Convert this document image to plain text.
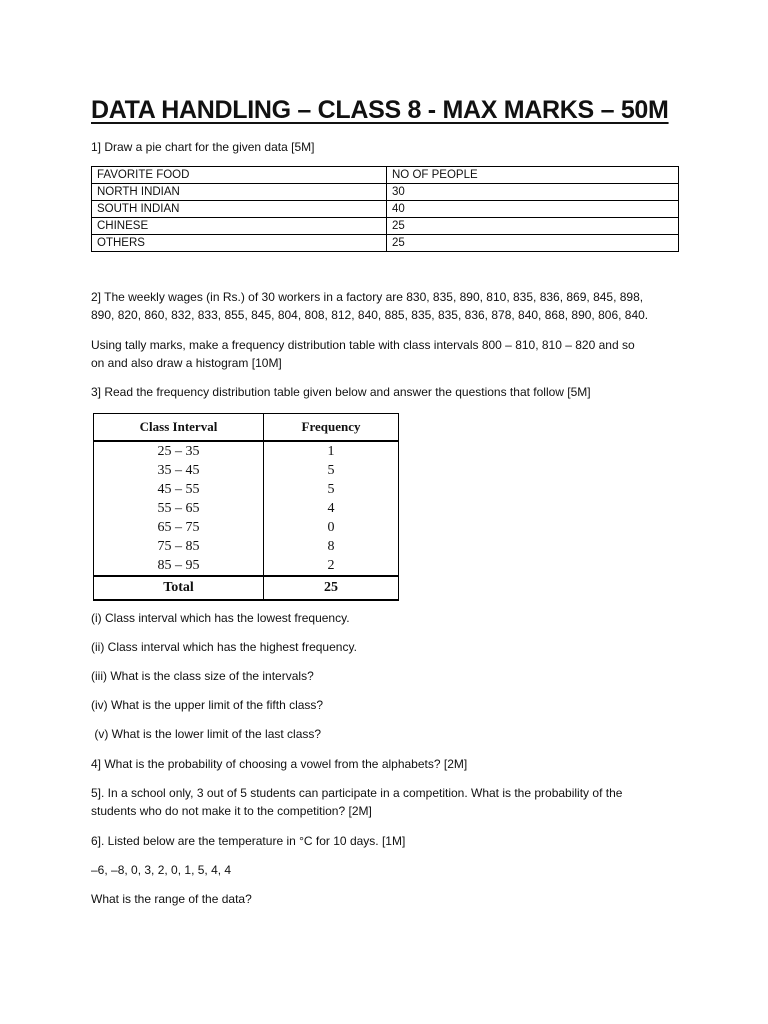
DATA HANDLING – CLASS 8 - MAX MARKS – 50M
1] Draw a pie chart for the given data [5M]
FAVORITE FOOD	NO OF PEOPLE
NORTH INDIAN	30
SOUTH INDIAN	40
CHINESE	25
OTHERS	25
2] The weekly wages (in Rs.) of 30 workers in a factory are 830, 835, 890, 810, 835, 836, 869, 845, 898,
890, 820, 860, 832, 833, 855, 845, 804, 808, 812, 840, 885, 835, 835, 836, 878, 840, 868, 890, 806, 840.
Using tally marks, make a frequency distribution table with class intervals 800 – 810, 810 – 820 and so
on and also draw a histogram [10M]
3] Read the frequency distribution table given below and answer the questions that follow [5M]
Class Interval	Frequency
25 – 35	1
35 – 45	5
45 – 55	5
55 – 65	4
65 – 75	0
75 – 85	8
85 – 95	2
Total	25
(i) Class interval which has the lowest frequency.
(ii) Class interval which has the highest frequency.
(iii) What is the class size of the intervals?
(iv) What is the upper limit of the fifth class?
(v) What is the lower limit of the last class?
4] What is the probability of choosing a vowel from the alphabets? [2M]
5]. In a school only, 3 out of 5 students can participate in a competition. What is the probability of the
students who do not make it to the competition? [2M]
6]. Listed below are the temperature in °C for 10 days. [1M]
–6, –8, 0, 3, 2, 0, 1, 5, 4, 4
What is the range of the data?
